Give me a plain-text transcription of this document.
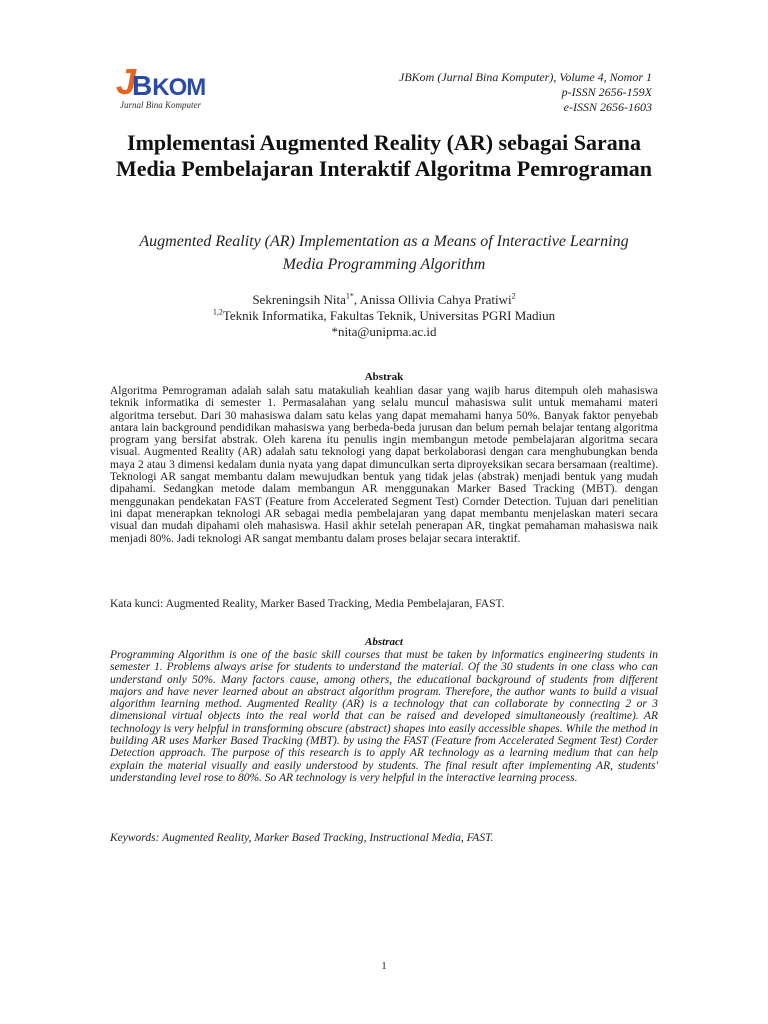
J
B KOM
Jurnal Bina Komputer
JBKom (Jurnal Bina Komputer), Volume 4, Nomor 1
p-ISSN 2656-159X
e-ISSN 2656-1603
Implementasi Augmented Reality (AR) sebagai Sarana Media Pembelajaran Interaktif Algoritma Pemrograman
Augmented Reality (AR) Implementation as a Means of Interactive Learning Media Programming Algorithm
Sekreningsih Nita$^{1*}$, Anissa Ollivia Cahya Pratiwi$^2$
$^{1,2}$Teknik Informatika, Fakultas Teknik, Universitas PGRI Madiun
*nita@unipma.ac.id
Abstrak

Algoritma Pemrograman adalah salah satu matakuliah keahlian dasar yang wajib harus ditempuh oleh mahasiswa teknik informatika di semester 1. Permasalahan yang selalu muncul mahasiswa sulit untuk memahami materi algoritma tersebut. Dari 30 mahasiswa dalam satu kelas yang dapat memahami hanya 50%. Banyak faktor penyebab antara lain background pendidikan mahasiswa yang berbeda-beda jurusan dan belum pernah belajar tentang algoritma program yang bersifat abstrak. Oleh karena itu penulis ingin membangun metode pembelajaran algoritma secara visual. Augmented Reality (AR) adalah satu teknologi yang dapat berkolaborasi dengan cara menghubungkan benda maya 2 atau 3 dimensi kedalam dunia nyata yang dapat dimunculkan serta diproyeksikan secara bersamaan (realtime). Teknologi AR sangat membantu dalam mewujudkan bentuk yang tidak jelas (abstrak) menjadi bentuk yang mudah dipahami. Sedangkan metode dalam membangun AR menggunakan Marker Based Tracking (MBT). dengan menggunakan pendekatan FAST (Feature from Accelerated Segment Test) Cornder Detection. Tujuan dari penelitian ini dapat menerapkan teknologi AR sebagai media pembelajaran yang dapat membantu menjelaskan materi secara visual dan mudah dipahami oleh mahasiswa. Hasil akhir setelah penerapan AR, tingkat pemahaman mahasiswa naik menjadi 80%. Jadi teknologi AR sangat membantu dalam proses belajar secara interaktif.

Kata kunci: Augmented Reality, Marker Based Tracking, Media Pembelajaran, FAST.
Abstract

Programming Algorithm is one of the basic skill courses that must be taken by informatics engineering students in semester 1. Problems always arise for students to understand the material. Of the 30 students in one class who can understand only 50%. Many factors cause, among others, the educational background of students from different majors and have never learned about an abstract algorithm program. Therefore, the author wants to build a visual algorithm learning method. Augmented Reality (AR) is a technology that can collaborate by connecting 2 or 3 dimensional virtual objects into the real world that can be raised and developed simultaneously (realtime). AR technology is very helpful in transforming obscure (abstract) shapes into easily accessible shapes. While the method in building AR uses Marker Based Tracking (MBT). by using the FAST (Feature from Accelerated Segment Test) Corder Detection approach. The purpose of this research is to apply AR technology as a learning medium that can help explain the material visually and easily understood by students. The final result after implementing AR, students' understanding level rose to 80%. So AR technology is very helpful in the interactive learning process.

Keywords: Augmented Reality, Marker Based Tracking, Instructional Media, FAST.
1
